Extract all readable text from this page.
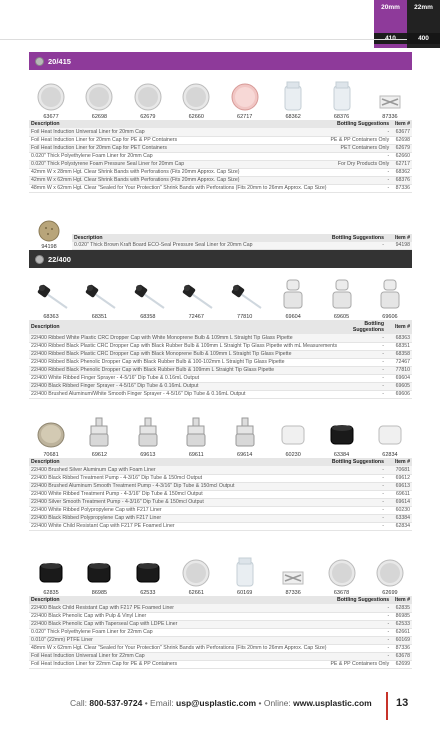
20mm	22mm
400
20/415
63677	62698	62679	62660	62717	68362	68376	87336
Description	Bottling Suggestions	Item #
Foil Heat Induction Universal Liner for 20mm Cap	-	63677
Foil Heat Induction Liner for 20mm Cap for PE & PP Containers	PE & PP Containers Only	62698
Foil Heat Induction Liner for 20mm Cap for PET Containers	PET Containers Only	62679
0.020" Thick Polyethylene Foam Liner for 20mm Cap	-	62660
0.020" Thick Polystyrene Foam Pressure Seal Liner for 20mm Cap	For Dry Products Only	62717
42mm W x 28mm Hgt. Clear Shrink Bands with Perforations (Fits 20mm Approx. Cap Size)	-	68362
42mm W x 62mm Hgt. Clear Shrink Bands with Perforations (Fits 20mm Approx. Cap Size)	-	68376
48mm W x 62mm Hgt. Clear "Sealed for Your Protection" Shrink Bands with Perforations (Fits 20mm to 26mm Approx. Cap Size)	-	87336
94198
Description	Bottling Suggestions	Item #
0.020" Thick Brown Kraft Board ECO-Seal Pressure Seal Liner for 20mm Cap	-	94198
22/400
68363	68351	68358	72467	77810	69604	69605	69606
Description	Bottling Suggestions	Item #
22/400 Ribbed White Plastic CRC Dropper Cap with White Monoprene Bulb & 109mm L Straight Tip Glass Pipette	-	68363
22/400 Ribbed Black Plastic CRC Dropper Cap with Black Rubber Bulb & 109mm L Straight Tip Glass Pipette with mL Measurements	-	68351
22/400 Ribbed Black Plastic CRC Dropper Cap with Black Monoprene Bulb & 109mm L Straight Tip Glass Pipette	-	68358
22/400 Ribbed Black Phenolic Dropper Cap with Black Rubber Bulb & 100-102mm L Straight Tip Glass Pipette	-	72467
22/400 Ribbed Black Phenolic Dropper Cap with Black Rubber Bulb & 109mm L Straight Tip Glass Pipette	-	77810
22/400 White Ribbed Finger Sprayer - 4-5/16" Dip Tube & 0.16mL Output	-	69604
22/400 Black Ribbed Finger Sprayer - 4-5/16" Dip Tube & 0.16mL Output	-	69605
22/400 Brushed Aluminum/White Smooth Finger Sprayer - 4-5/16" Dip Tube & 0.16mL Output	-	69606
70681	69612	69613	69611	69614	60230	63384	62834
Description	Bottling Suggestions	Item #
22/400 Brushed Silver Aluminum Cap with Foam Liner	-	70681
22/400 Black Ribbed Treatment Pump - 4-3/16" Dip Tube & 150mcl Output	-	69612
22/400 Brushed Aluminum Smooth Treatment Pump - 4-3/16" Dip Tube & 150mcl Output	-	69613
22/400 White Ribbed Treatment Pump - 4-3/16" Dip Tube & 150mcl Output	-	69611
22/400 Silver Smooth Treatment Pump - 4-3/16" Dip Tube & 150mcl Output	-	69614
22/400 White Ribbed Polypropylene Cap with F217 Liner	-	60230
22/400 Black Ribbed Polypropylene Cap with F217 Liner	-	63384
22/400 White Child Resistant Cap with F217 PE Foamed Liner	-	62834
62835	86985	62533	62661	60169	87336	63678	62699
Description	Bottling Suggestions	Item #
22/400 Black Child Resistant Cap with F217 PE Foamed Liner	-	62835
22/400 Black Phenolic Cap with Pulp & Vinyl Liner	-	86985
22/400 Black Phenolic Cap with Taperseal Cap with LDPE Liner	-	62533
0.020" Thick Polyethylene Foam Liner for 22mm Cap	-	62661
0.010" (22mm) PTFE Liner	-	60169
48mm W x 62mm Hgt. Clear "Sealed for Your Protection" Shrink Bands with Perforations (Fits 20mm to 26mm Approx. Cap Size)	-	87336
Foil Heat Induction Universal Liner for 22mm Cap	-	63678
Foil Heat Induction Liner for 22mm Cap for PE & PP Containers	PE & PP Containers Only	62699
Call: 800-537-9724 • Email: usp@usplastic.com • Online: www.usplastic.com 13
